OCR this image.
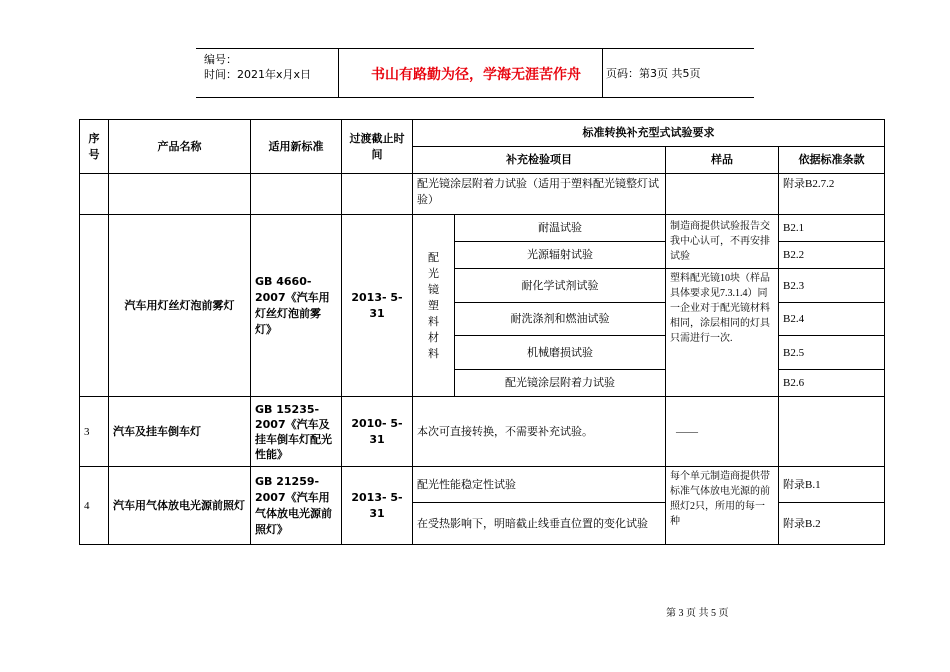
编号：
时间：2021年x月x日	书山有路勤为径，学海无涯苦作舟	页码：第3页 共5页
序号	产品名称	适用新标准	过渡截止时间	标准转换补充型式试验要求			
				补充检验项目		样品	依据标准条款
				配光镜涂层附着力试验（适用于塑料配光镜整灯试验）			附录B2.7.2
	汽车用灯丝灯泡前雾灯	GB 4660-2007《汽车用灯丝灯泡前雾灯》	2013- 5-31	配光镜塑料材料	耐温试验	制造商提供试验报告交我中心认可，不再安排试验	B2.1
					光源辐射试验		B2.2
					耐化学试剂试验	塑料配光镜10块（样品具体要求见7.3.1.4）同一企业对于配光镜材料相同，涂层相同的灯具只需进行一次.	B2.3
					耐洗涤剂和燃油试验		B2.4
					机械磨损试验		B2.5
					配光镜涂层附着力试验		B2.6
3	汽车及挂车倒车灯	GB 15235-2007《汽车及挂车倒车灯配光性能》	2010- 5-31	本次可直接转换，不需要补充试验。		——	
4	汽车用气体放电光源前照灯	GB 21259-2007《汽车用气体放电光源前照灯》	2013- 5-31	配光性能稳定性试验		每个单元制造商提供带标准气体放电光源的前照灯2只，所用的每一种	附录B.1
				在受热影响下，明暗截止线垂直位置的变化试验			附录B.2
第 3 页 共 5 页
